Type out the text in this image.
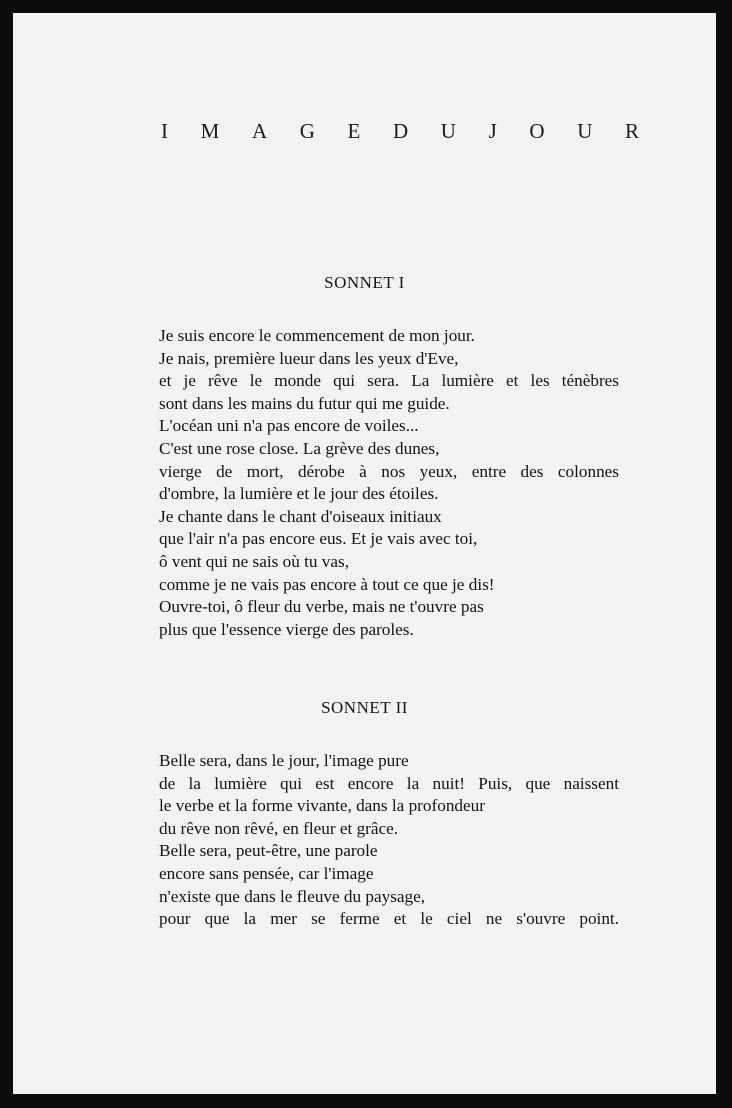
I M A G E D U J O U R
SONNET I
Je suis encore le commencement de mon jour.
Je nais, première lueur dans les yeux d'Eve,
et je rêve le monde qui sera. La lumière et les ténèbres
sont dans les mains du futur qui me guide.
L'océan uni n'a pas encore de voiles...
C'est une rose close. La grève des dunes,
vierge de mort, dérobe à nos yeux, entre des colonnes
d'ombre, la lumière et le jour des étoiles.
Je chante dans le chant d'oiseaux initiaux
que l'air n'a pas encore eus. Et je vais avec toi,
ô vent qui ne sais où tu vas,
comme je ne vais pas encore à tout ce que je dis!
Ouvre-toi, ô fleur du verbe, mais ne t'ouvre pas
plus que l'essence vierge des paroles.
SONNET II
Belle sera, dans le jour, l'image pure
de la lumière qui est encore la nuit! Puis, que naissent
le verbe et la forme vivante, dans la profondeur
du rêve non rêvé, en fleur et grâce.
Belle sera, peut-être, une parole
encore sans pensée, car l'image
n'existe que dans le fleuve du paysage,
pour que la mer se ferme et le ciel ne s'ouvre point.
